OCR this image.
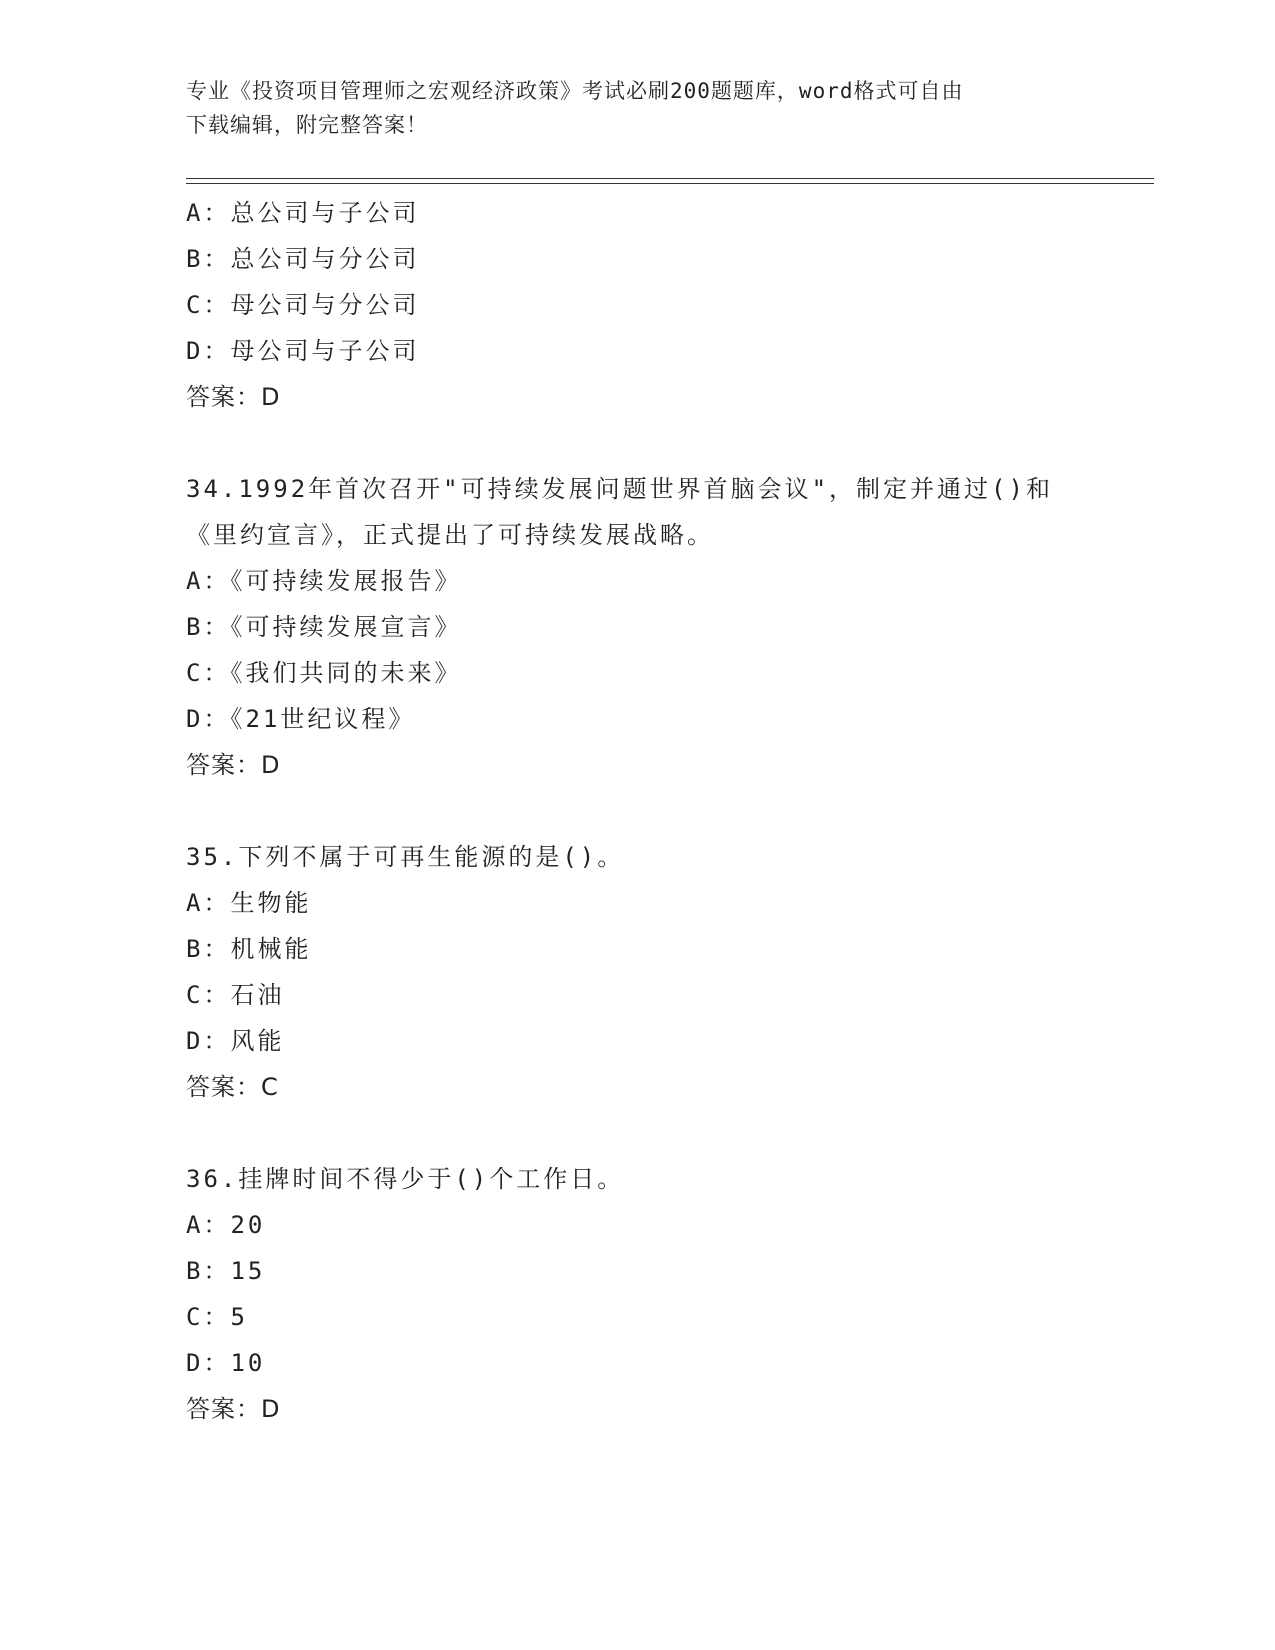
专业《投资项目管理师之宏观经济政策》考试必刷200题题库，word格式可自由
下载编辑，附完整答案！
A：总公司与子公司
B：总公司与分公司
C：母公司与分公司
D：母公司与子公司
答案：D
34.1992年首次召开"可持续发展问题世界首脑会议"，制定并通过()和
《里约宣言》，正式提出了可持续发展战略。
A：《可持续发展报告》
B：《可持续发展宣言》
C：《我们共同的未来》
D：《21世纪议程》
答案：D
35.下列不属于可再生能源的是()。
A：生物能
B：机械能
C：石油
D：风能
答案：C
36.挂牌时间不得少于()个工作日。
A：20
B：15
C：5
D：10
答案：D
